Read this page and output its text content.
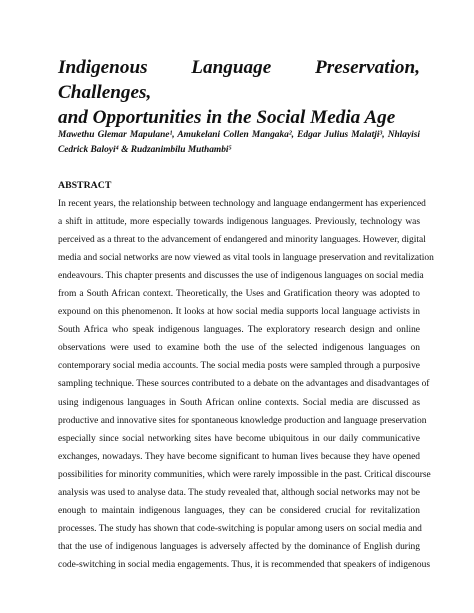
Indigenous Language Preservation, Challenges,
and Opportunities in the Social Media Age

Mawethu Glemar Mapulane¹, Amukelani Collen Mangaka², Edgar Julius Malatji³, Nhlayisi
Cedrick Baloyi⁴ & Rudzanimbilu Muthambi⁵

ABSTRACT

In recent years, the relationship between technology and language endangerment has experienced
a shift in attitude, more especially towards indigenous languages. Previously, technology was
perceived as a threat to the advancement of endangered and minority languages. However, digital
media and social networks are now viewed as vital tools in language preservation and revitalization
endeavours. This chapter presents and discusses the use of indigenous languages on social media
from a South African context. Theoretically, the Uses and Gratification theory was adopted to
expound on this phenomenon. It looks at how social media supports local language activists in
South Africa who speak indigenous languages. The exploratory research design and online
observations were used to examine both the use of the selected indigenous languages on
contemporary social media accounts. The social media posts were sampled through a purposive
sampling technique. These sources contributed to a debate on the advantages and disadvantages of
using indigenous languages in South African online contexts. Social media are discussed as
productive and innovative sites for spontaneous knowledge production and language preservation
especially since social networking sites have become ubiquitous in our daily communicative
exchanges, nowadays. They have become significant to human lives because they have opened
possibilities for minority communities, which were rarely impossible in the past. Critical discourse
analysis was used to analyse data. The study revealed that, although social networks may not be
enough to maintain indigenous languages, they can be considered crucial for revitalization
processes. The study has shown that code-switching is popular among users on social media and
that the use of indigenous languages is adversely affected by the dominance of English during
code-switching in social media engagements. Thus, it is recommended that speakers of indigenous
